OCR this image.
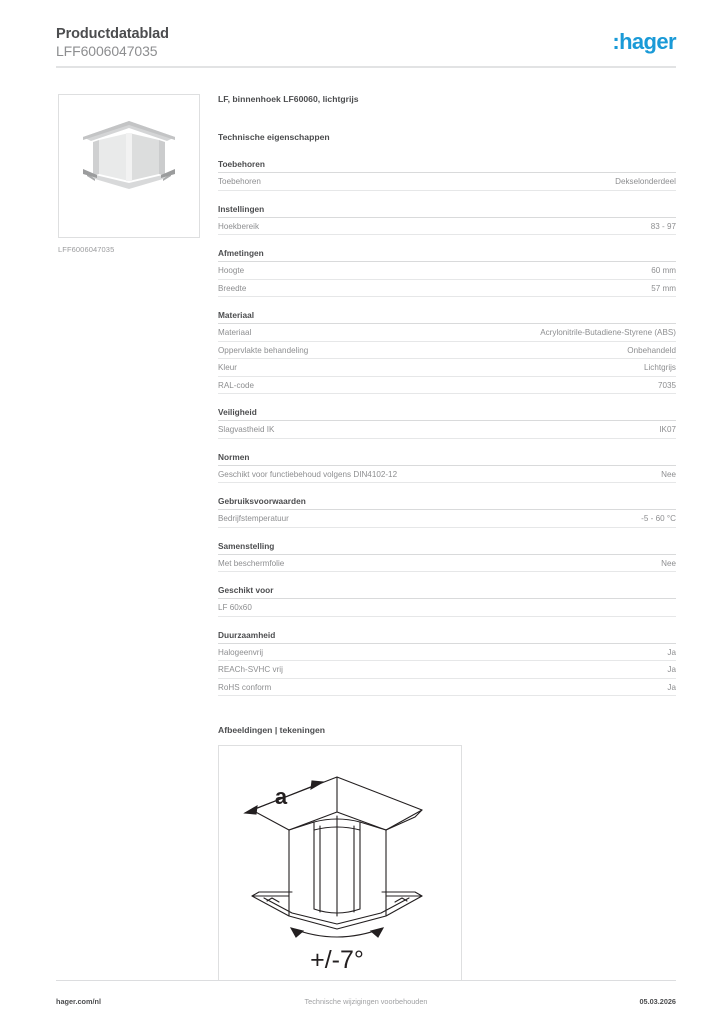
Productdatablad
LFF6006047035	:hager
LFF6006047035
LF, binnenhoek LF60060, lichtgrijs
Technische eigenschappen
Toebehoren
Toebehoren	Dekselonderdeel
Instellingen
Hoekbereik	83 - 97
Afmetingen
Hoogte	60 mm
Breedte	57 mm
Materiaal
Materiaal	Acrylonitrile-Butadiene-Styrene (ABS)
Oppervlakte behandeling	Onbehandeld
Kleur	Lichtgrijs
RAL-code	7035
Veiligheid
Slagvastheid IK	IK07
Normen
Geschikt voor functiebehoud volgens DIN4102-12	Nee
Gebruiksvoorwaarden
Bedrijfstemperatuur	-5 - 60 °C
Samenstelling
Met beschermfolie	Nee
Geschikt voor
LF 60x60
Duurzaamheid
Halogeenvrij	Ja
REACh-SVHC vrij	Ja
RoHS conform	Ja
Afbeeldingen | tekeningen
a
+/-7°
hager.com/nl	Technische wijzigingen voorbehouden	05.03.2026
